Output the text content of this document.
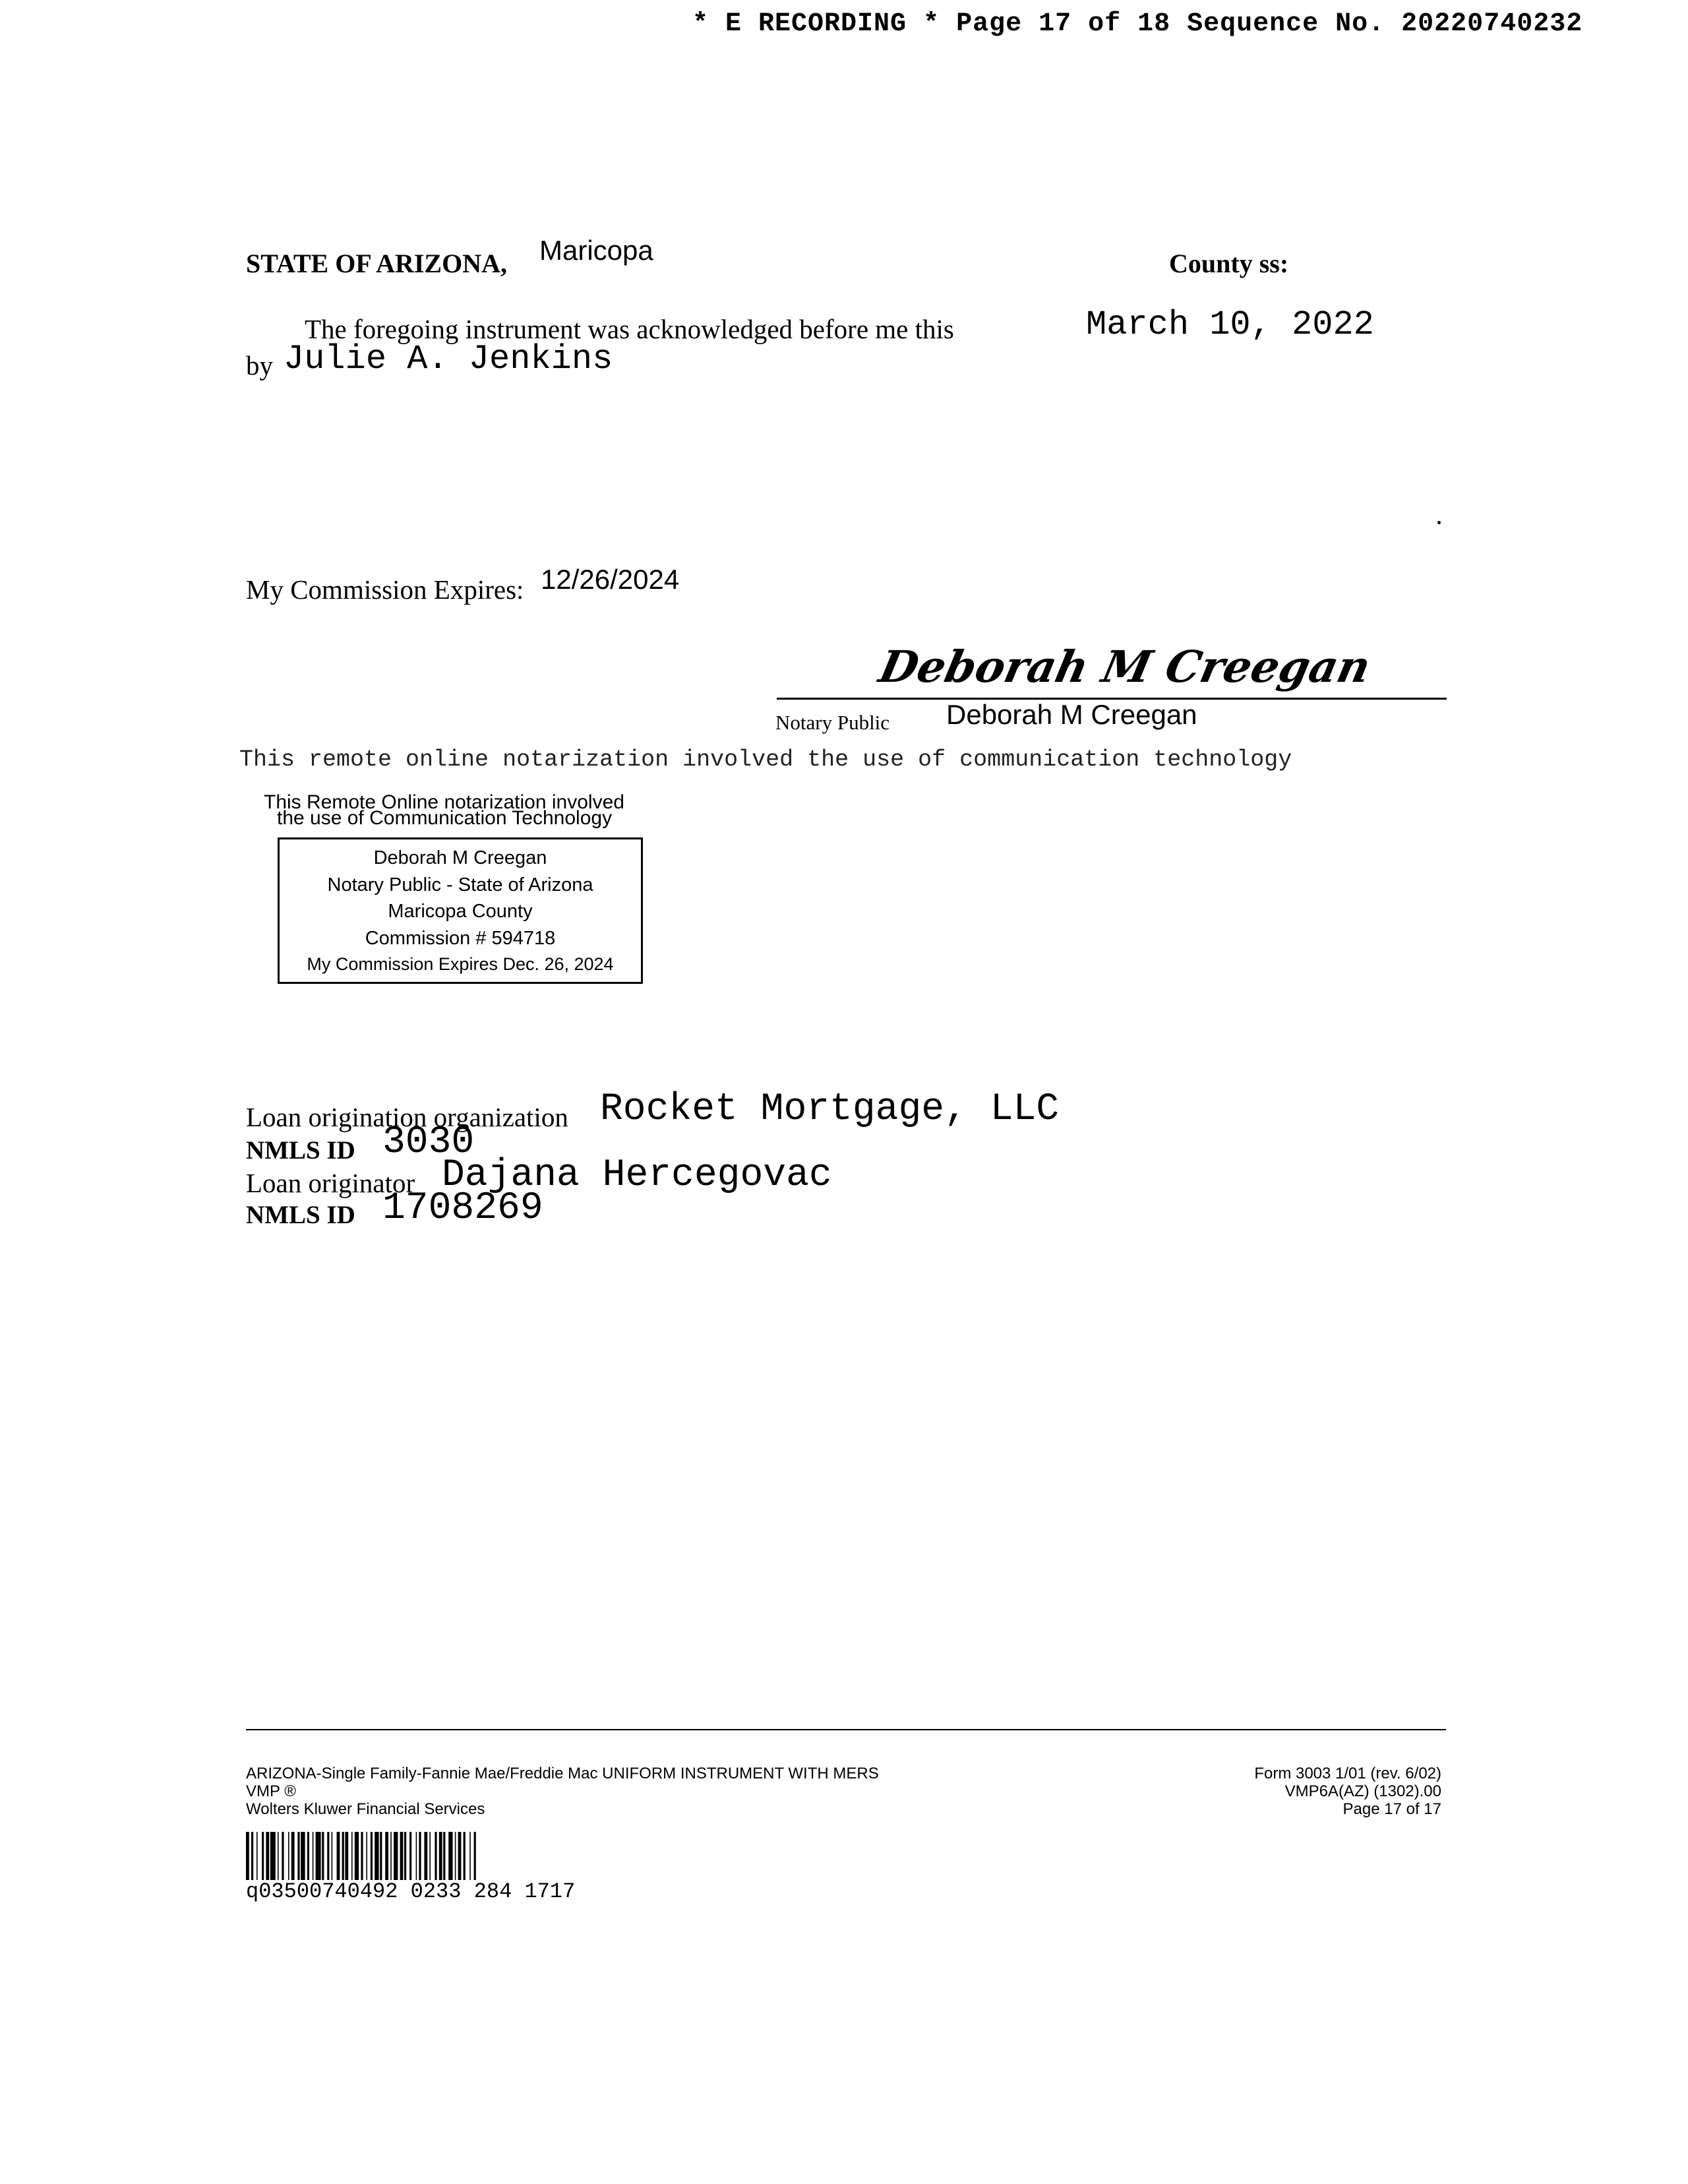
* E RECORDING * Page 17 of 18 Sequence No. 20220740232
STATE OF ARIZONA, Maricopa	County ss:
The foregoing instrument was acknowledged before me this	March 10, 2022
by Julie A. Jenkins
My Commission Expires: 12/26/2024
Deborah M Creegan
Notary Public Deborah M Creegan
This remote online notarization involved the use of communication technology
This Remote Online notarization involved
the use of Communication Technology
Deborah M Creegan
Notary Public - State of Arizona
Maricopa County
Commission # 594718
My Commission Expires Dec. 26, 2024
Loan origination organization Rocket Mortgage, LLC
NMLS ID 3030
Loan originator Dajana Hercegovac
NMLS ID 1708269
ARIZONA-Single Family-Fannie Mae/Freddie Mac UNIFORM INSTRUMENT WITH MERS
VMP ®
Wolters Kluwer Financial Services
Form 3003 1/01 (rev. 6/02)
VMP6A(AZ) (1302).00
Page 17 of 17
q03500740492 0233 284 1717
